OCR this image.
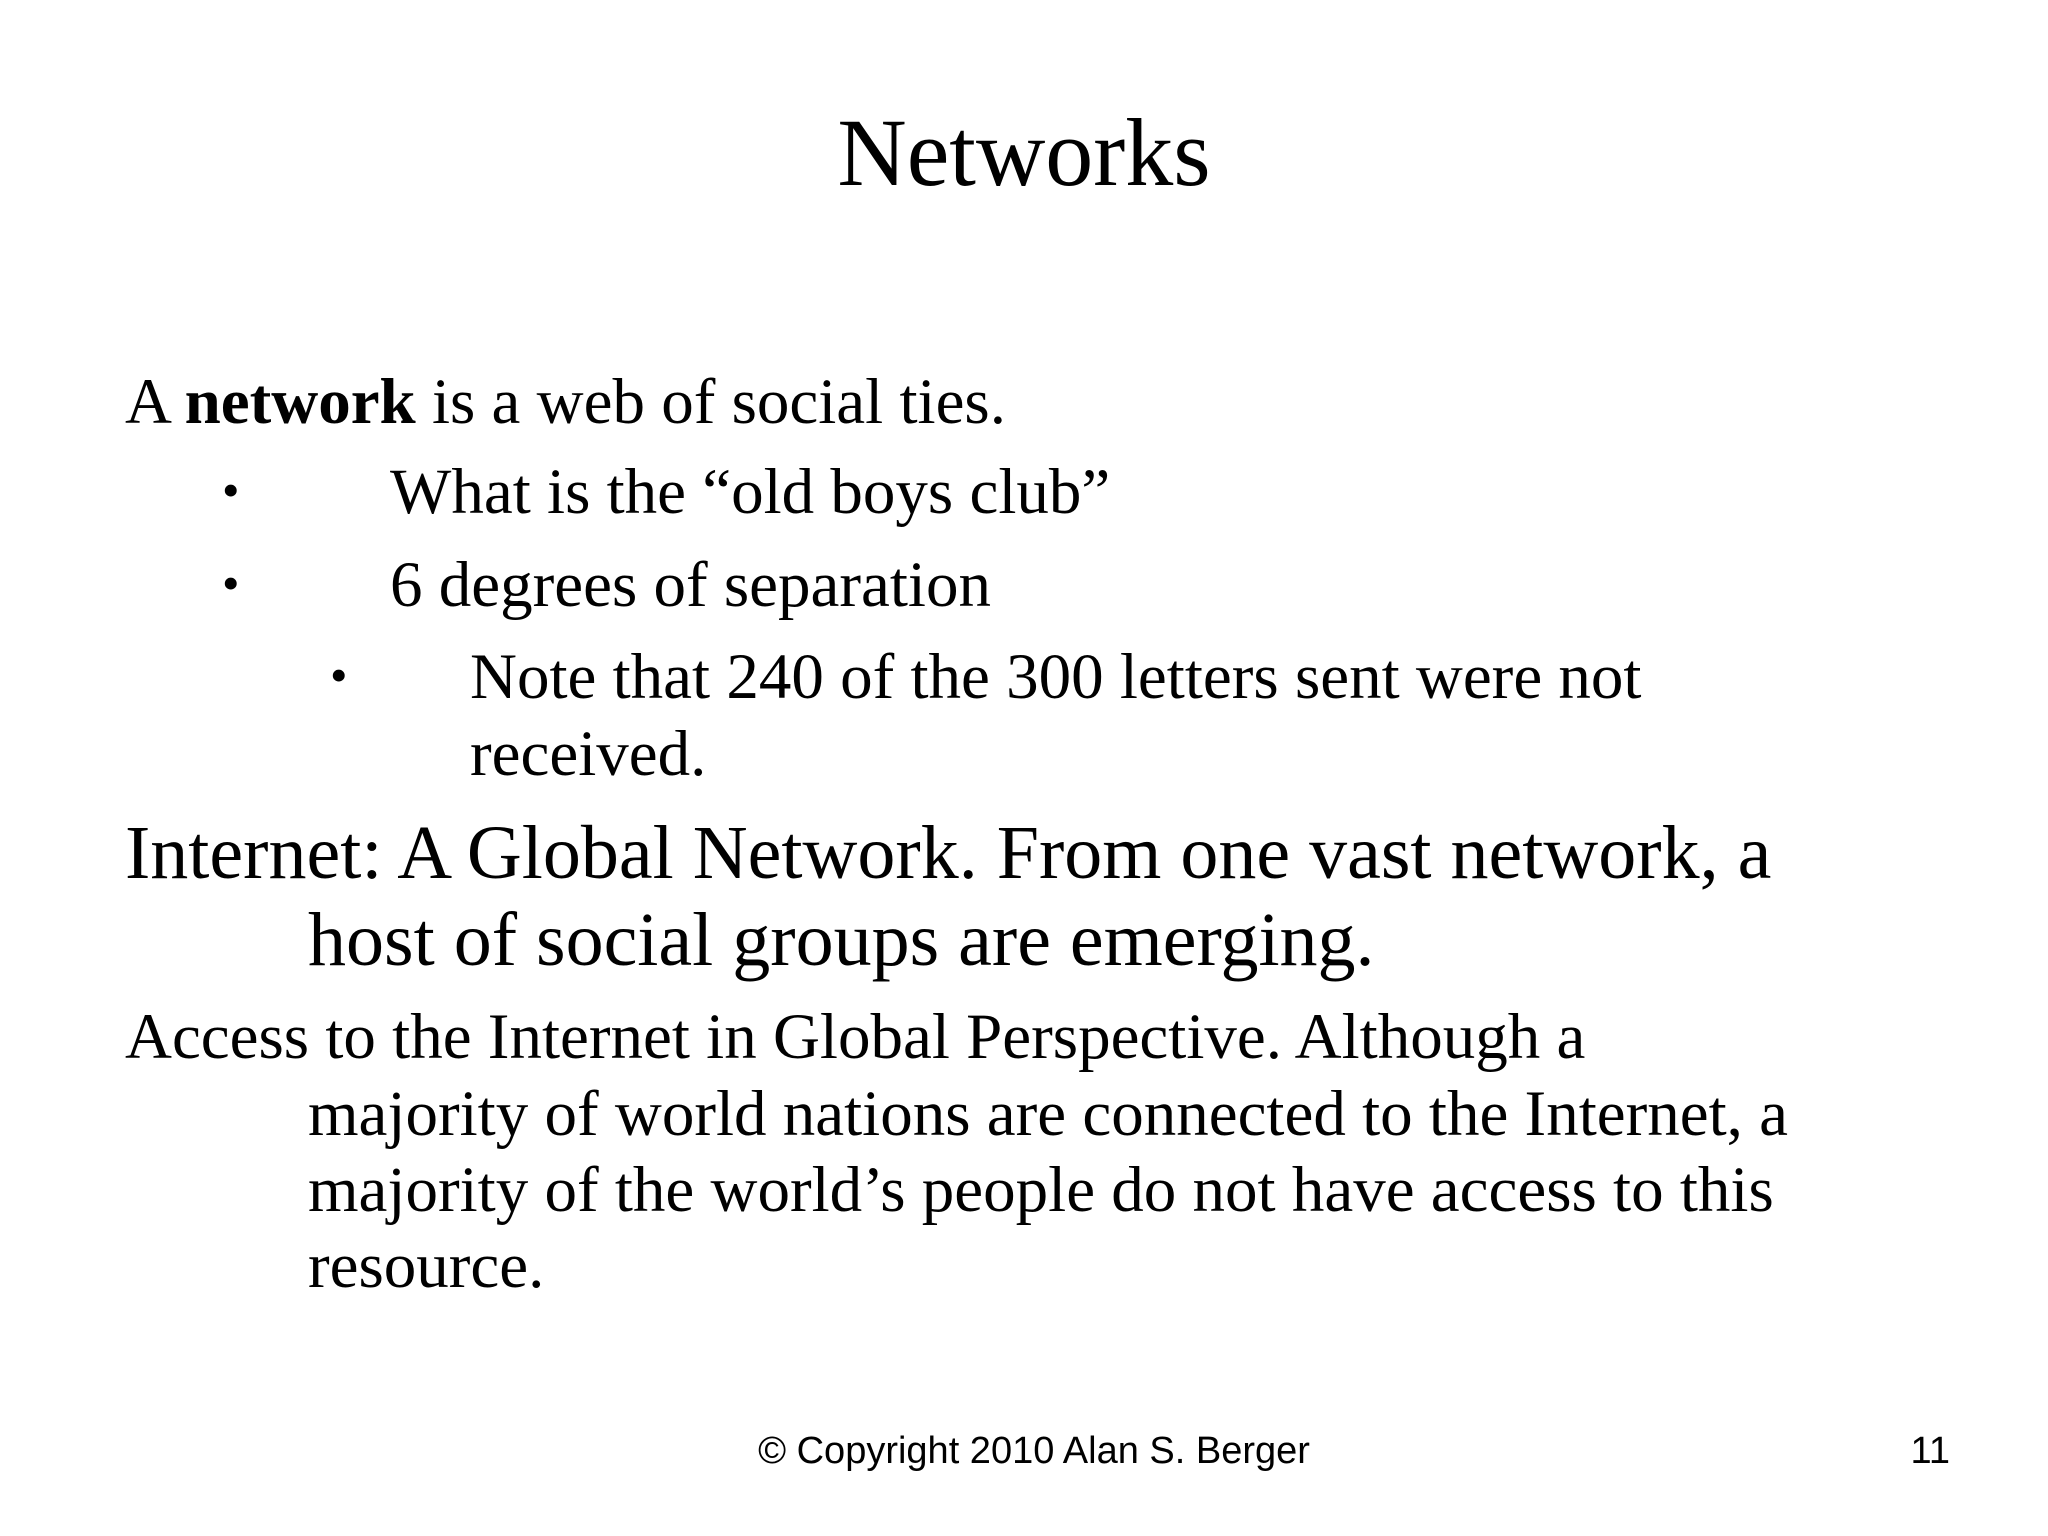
Networks
A network is a web of social ties.
• What is the “old boys club”
• 6 degrees of separation
• Note that 240 of the 300 letters sent were not
received.
Internet: A Global Network. From one vast network, a
host of social groups are emerging.
Access to the Internet in Global Perspective. Although a
majority of world nations are connected to the Internet, a
majority of the world’s people do not have access to this
resource.
© Copyright 2010 Alan S. Berger	11
